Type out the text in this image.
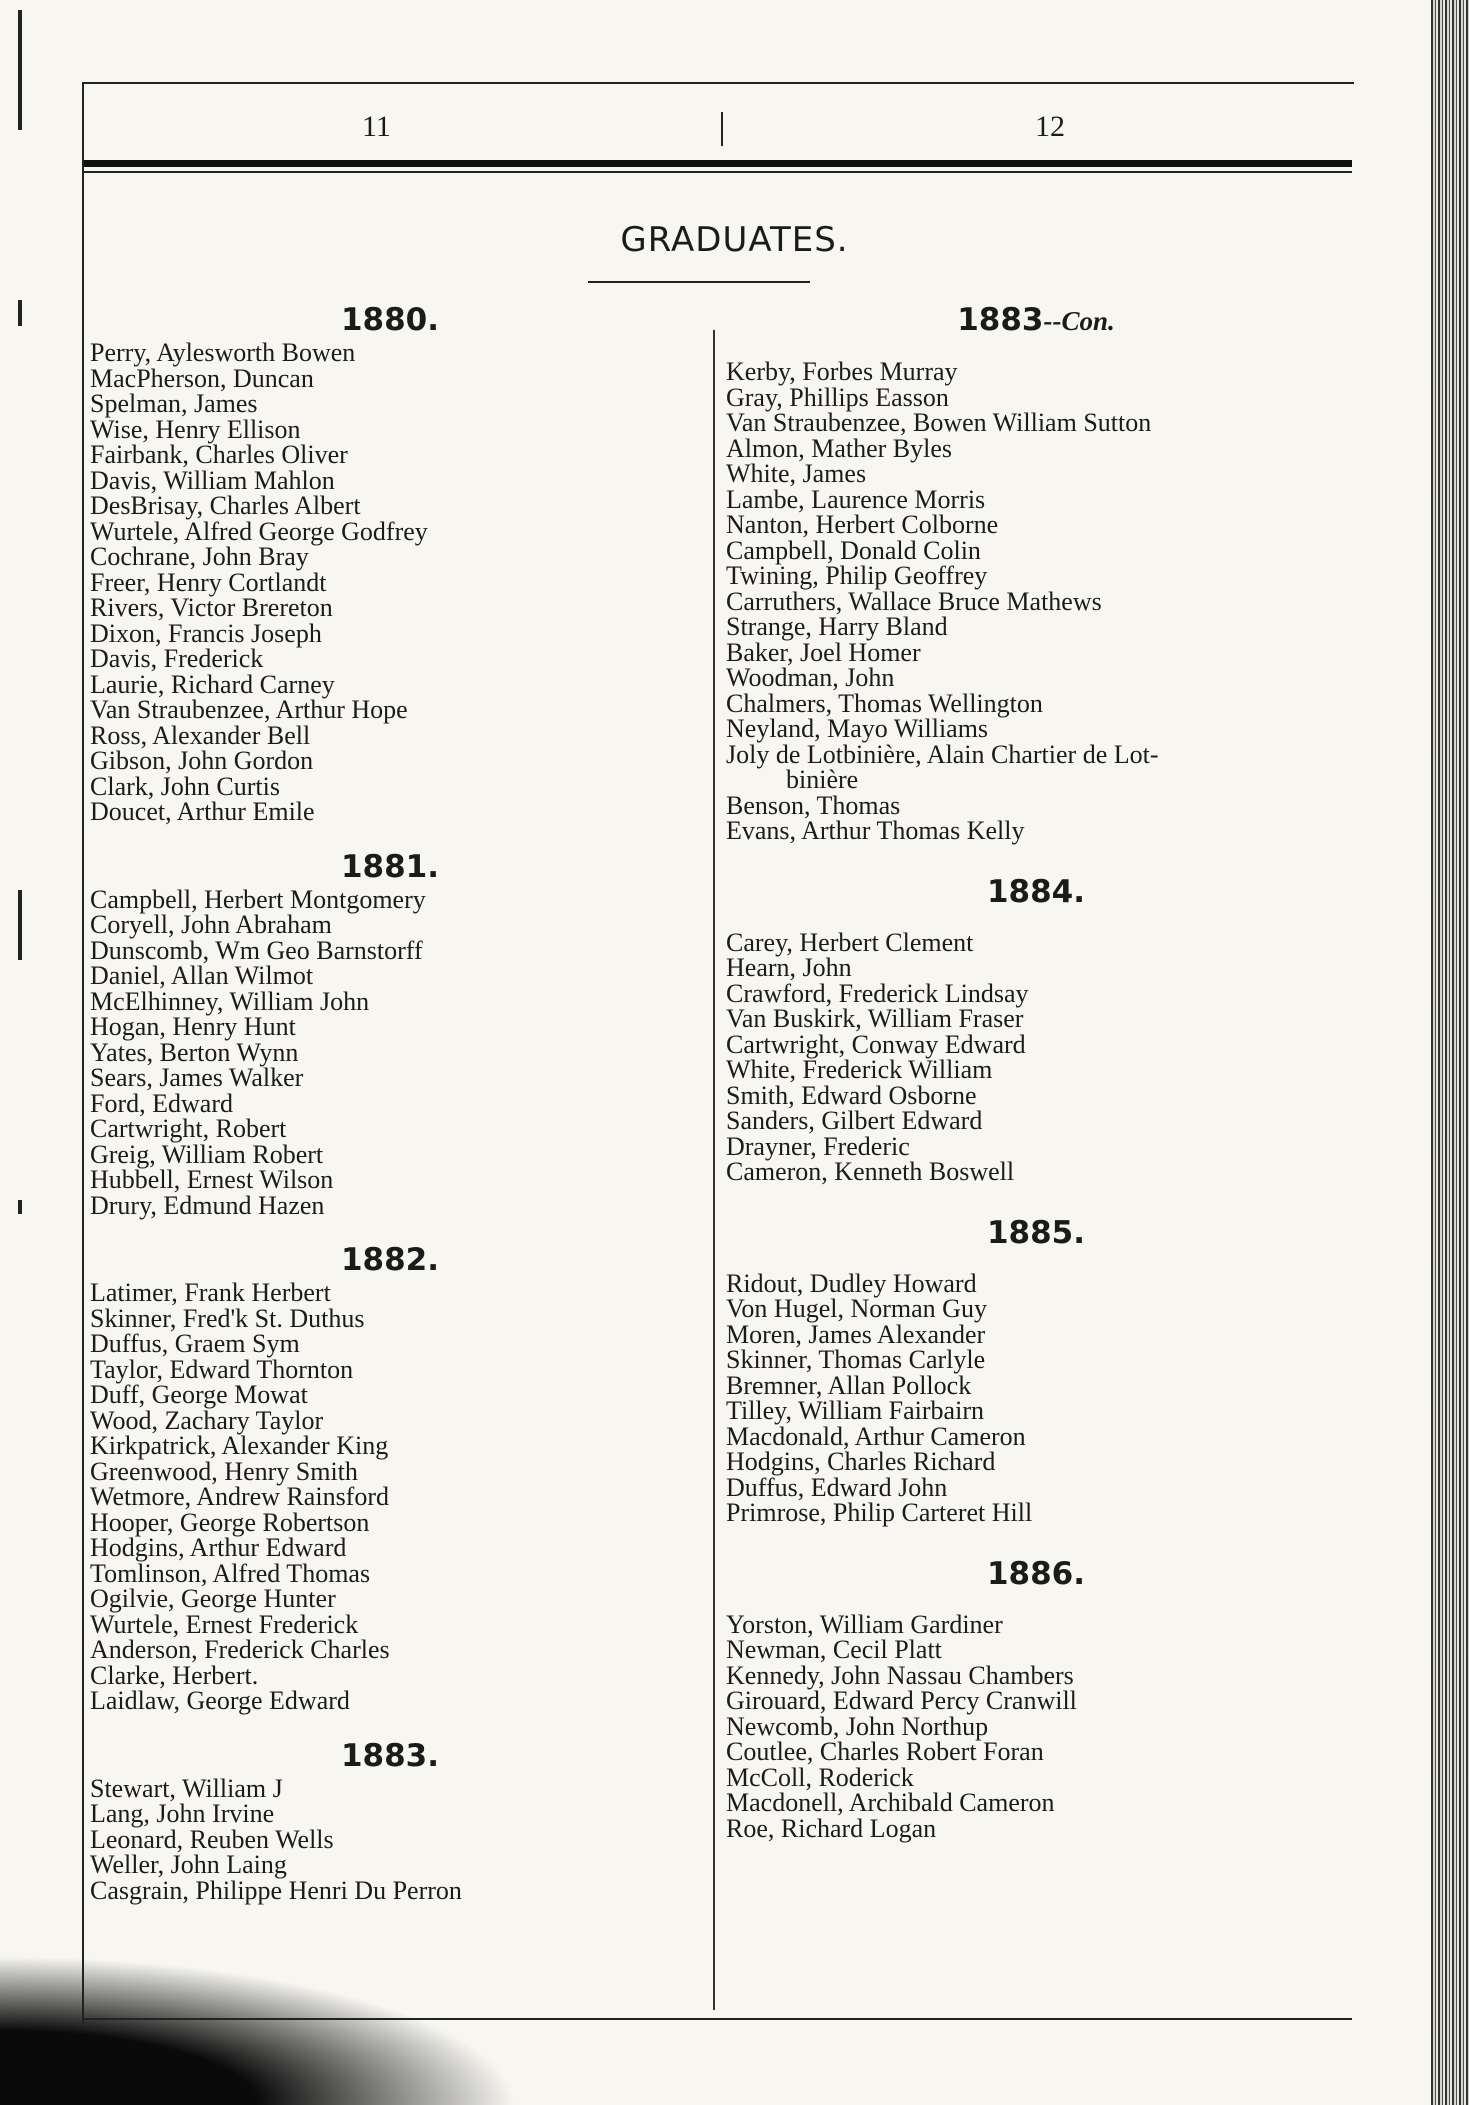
11	12
GRADUATES.
1880.
Perry, Aylesworth Bowen
MacPherson, Duncan
Spelman, James
Wise, Henry Ellison
Fairbank, Charles Oliver
Davis, William Mahlon
DesBrisay, Charles Albert
Wurtele, Alfred George Godfrey
Cochrane, John Bray
Freer, Henry Cortlandt
Rivers, Victor Brereton
Dixon, Francis Joseph
Davis, Frederick
Laurie, Richard Carney
Van Straubenzee, Arthur Hope
Ross, Alexander Bell
Gibson, John Gordon
Clark, John Curtis
Doucet, Arthur Emile
1881.
Campbell, Herbert Montgomery
Coryell, John Abraham
Dunscomb, Wm Geo Barnstorff
Daniel, Allan Wilmot
McElhinney, William John
Hogan, Henry Hunt
Yates, Berton Wynn
Sears, James Walker
Ford, Edward
Cartwright, Robert
Greig, William Robert
Hubbell, Ernest Wilson
Drury, Edmund Hazen
1882.
Latimer, Frank Herbert
Skinner, Fred'k St. Duthus
Duffus, Graem Sym
Taylor, Edward Thornton
Duff, George Mowat
Wood, Zachary Taylor
Kirkpatrick, Alexander King
Greenwood, Henry Smith
Wetmore, Andrew Rainsford
Hooper, George Robertson
Hodgins, Arthur Edward
Tomlinson, Alfred Thomas
Ogilvie, George Hunter
Wurtele, Ernest Frederick
Anderson, Frederick Charles
Clarke, Herbert.
Laidlaw, George Edward
1883.
Stewart, William J
Lang, John Irvine
Leonard, Reuben Wells
Weller, John Laing
Casgrain, Philippe Henri Du Perron
1883--Con.
Kerby, Forbes Murray
Gray, Phillips Easson
Van Straubenzee, Bowen William Sutton
Almon, Mather Byles
White, James
Lambe, Laurence Morris
Nanton, Herbert Colborne
Campbell, Donald Colin
Twining, Philip Geoffrey
Carruthers, Wallace Bruce Mathews
Strange, Harry Bland
Baker, Joel Homer
Woodman, John
Chalmers, Thomas Wellington
Neyland, Mayo Williams
Joly de Lotbinière, Alain Chartier de Lot-
binière
Benson, Thomas
Evans, Arthur Thomas Kelly
1884.
Carey, Herbert Clement
Hearn, John
Crawford, Frederick Lindsay
Van Buskirk, William Fraser
Cartwright, Conway Edward
White, Frederick William
Smith, Edward Osborne
Sanders, Gilbert Edward
Drayner, Frederic
Cameron, Kenneth Boswell
1885.
Ridout, Dudley Howard
Von Hugel, Norman Guy
Moren, James Alexander
Skinner, Thomas Carlyle
Bremner, Allan Pollock
Tilley, William Fairbairn
Macdonald, Arthur Cameron
Hodgins, Charles Richard
Duffus, Edward John
Primrose, Philip Carteret Hill
1886.
Yorston, William Gardiner
Newman, Cecil Platt
Kennedy, John Nassau Chambers
Girouard, Edward Percy Cranwill
Newcomb, John Northup
Coutlee, Charles Robert Foran
McColl, Roderick
Macdonell, Archibald Cameron
Roe, Richard Logan
